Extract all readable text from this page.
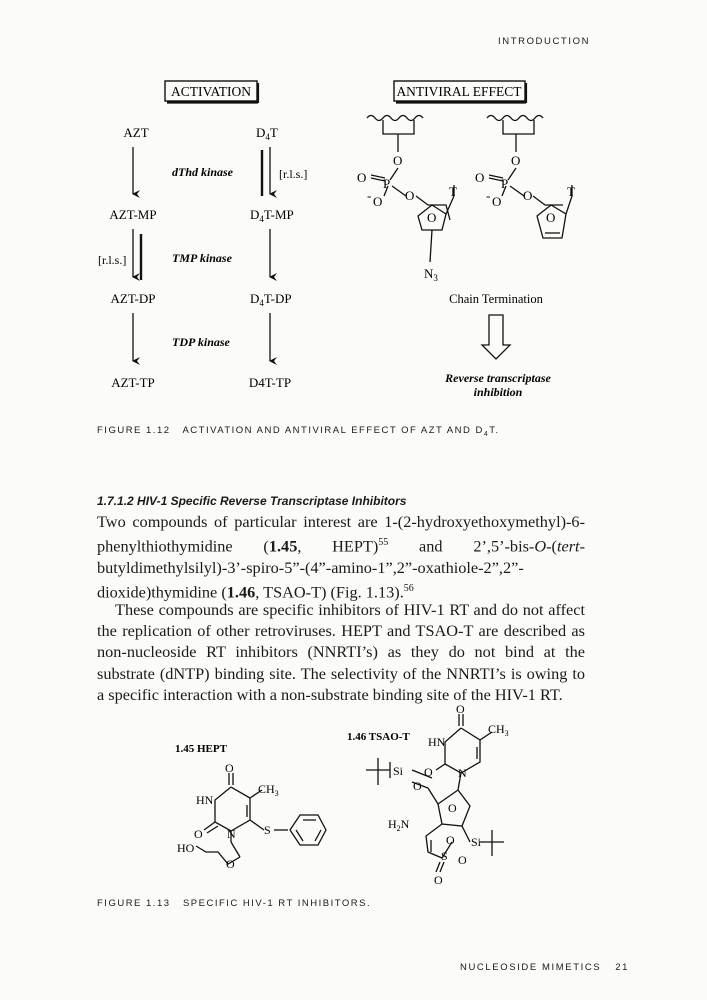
INTRODUCTION
ACTIVATION	ANTIVIRAL EFFECT
AZT
dThd kinase
AZT-MP
[r.l.s.]	TMP kinase
AZT-DP
TDP kinase
AZT-TP
$D_4T$
[r.l.s.]
$D_4T-MP$
$D_4T-DP$
D4T-TP
O
O P
O
-	O
O
T
$N_3$
O
O P
O
-	O
O
T
Chain Termination
Reverse transcriptase
inhibition
FIGURE 1.12 ACTIVATION AND ANTIVIRAL EFFECT OF AZT AND $D_4T$.
1.7.1.2 HIV-1 Specific Reverse Transcriptase Inhibitors
Two compounds of particular interest are 1-(2-hydroxyethoxymethyl)-6-phenylthiothymidine (1.45, HEPT)$^{55}$ and 2’,5’-bis-O-(tert-butyldimethylsilyl)-3’-spiro-5”-(4”-amino-1”,2”-oxathiole-2”,2”-dioxide)thymidine (1.46, TSAO-T) (Fig. 1.13).$^{56}$
These compounds are specific inhibitors of HIV-1 RT and do not affect the replication of other retroviruses. HEPT and TSAO-T are described as non-nucleoside RT inhibitors (NNRTI’s) as they do not bind at the substrate (dNTP) binding site. The selectivity of the NNRTI’s is owing to a specific interaction with a non-substrate binding site of the HIV-1 RT.
1.45 HEPT
1.46 TSAO-T
O
$CH_3$
HN
O N S
HO
O
O
$CH_3$
HN
O N
Si
O
O
$H_2N$
O Si
S O
O
FIGURE 1.13 SPECIFIC HIV-1 RT INHIBITORS.
NUCLEOSIDE MIMETICS 21
